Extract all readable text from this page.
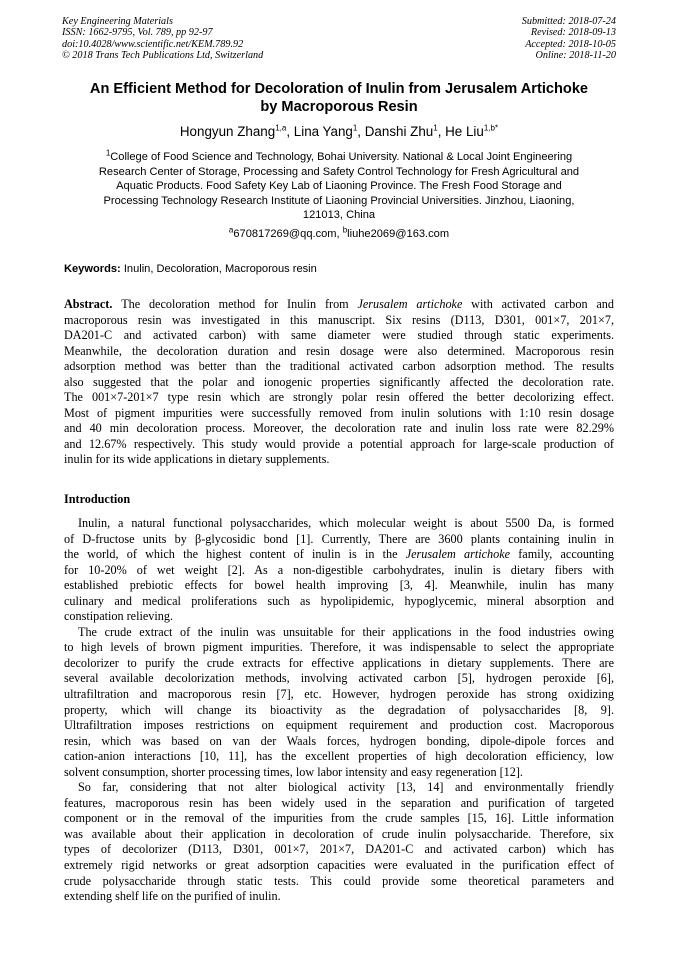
Key Engineering Materials
ISSN: 1662-9795, Vol. 789, pp 92-97
doi:10.4028/www.scientific.net/KEM.789.92
© 2018 Trans Tech Publications Ltd, Switzerland
Submitted: 2018-07-24
Revised: 2018-09-13
Accepted: 2018-10-05
Online: 2018-11-20
An Efficient Method for Decoloration of Inulin from Jerusalem Artichoke
by Macroporous Resin
Hongyun Zhang$^{1,a}$, Lina Yang$^1$, Danshi Zhu$^1$, He Liu$^{1,b*}$
$^1$College of Food Science and Technology, Bohai University. National & Local Joint Engineering
Research Center of Storage, Processing and Safety Control Technology for Fresh Agricultural and
Aquatic Products. Food Safety Key Lab of Liaoning Province. The Fresh Food Storage and
Processing Technology Research Institute of Liaoning Provincial Universities. Jinzhou, Liaoning,
121013, China
$^a$670817269@qq.com, $^b$liuhe2069@163.com
Keywords: Inulin, Decoloration, Macroporous resin
Abstract. The decoloration method for Inulin from Jerusalem artichoke with activated carbon and
macroporous resin was investigated in this manuscript. Six resins (D113, D301, 001×7, 201×7,
DA201-C and activated carbon) with same diameter were studied through static experiments.
Meanwhile, the decoloration duration and resin dosage were also determined. Macroporous resin
adsorption method was better than the traditional activated carbon adsorption method. The results
also suggested that the polar and ionogenic properties significantly affected the decoloration rate.
The 001×7-201×7 type resin which are strongly polar resin offered the better decolorizing effect.
Most of pigment impurities were successfully removed from inulin solutions with 1:10 resin dosage
and 40 min decoloration process. Moreover, the decoloration rate and inulin loss rate were 82.29%
and 12.67% respectively. This study would provide a potential approach for large-scale production of
inulin for its wide applications in dietary supplements.
Introduction
Inulin, a natural functional polysaccharides, which molecular weight is about 5500 Da, is formed
of D-fructose units by β-glycosidic bond [1]. Currently, There are 3600 plants containing inulin in
the world, of which the highest content of inulin is in the Jerusalem artichoke family, accounting
for 10-20% of wet weight [2]. As a non-digestible carbohydrates, inulin is dietary fibers with
established prebiotic effects for bowel health improving [3, 4]. Meanwhile, inulin has many
culinary and medical proliferations such as hypolipidemic, hypoglycemic, mineral absorption and
constipation relieving.
The crude extract of the inulin was unsuitable for their applications in the food industries owing
to high levels of brown pigment impurities. Therefore, it was indispensable to select the appropriate
decolorizer to purify the crude extracts for effective applications in dietary supplements. There are
several available decolorization methods, involving activated carbon [5], hydrogen peroxide [6],
ultrafiltration and macroporous resin [7], etc. However, hydrogen peroxide has strong oxidizing
property, which will change its bioactivity as the degradation of polysaccharides [8, 9].
Ultrafiltration imposes restrictions on equipment requirement and production cost. Macroporous
resin, which was based on van der Waals forces, hydrogen bonding, dipole-dipole forces and
cation-anion interactions [10, 11], has the excellent properties of high decoloration efficiency, low
solvent consumption, shorter processing times, low labor intensity and easy regeneration [12].
So far, considering that not alter biological activity [13, 14] and environmentally friendly
features, macroporous resin has been widely used in the separation and purification of targeted
component or in the removal of the impurities from the crude samples [15, 16]. Little information
was available about their application in decoloration of crude inulin polysaccharide. Therefore, six
types of decolorizer (D113, D301, 001×7, 201×7, DA201-C and activated carbon) which has
extremely rigid networks or great adsorption capacities were evaluated in the purification effect of
crude polysaccharide through static tests. This could provide some theoretical parameters and
extending shelf life on the purified of inulin.
